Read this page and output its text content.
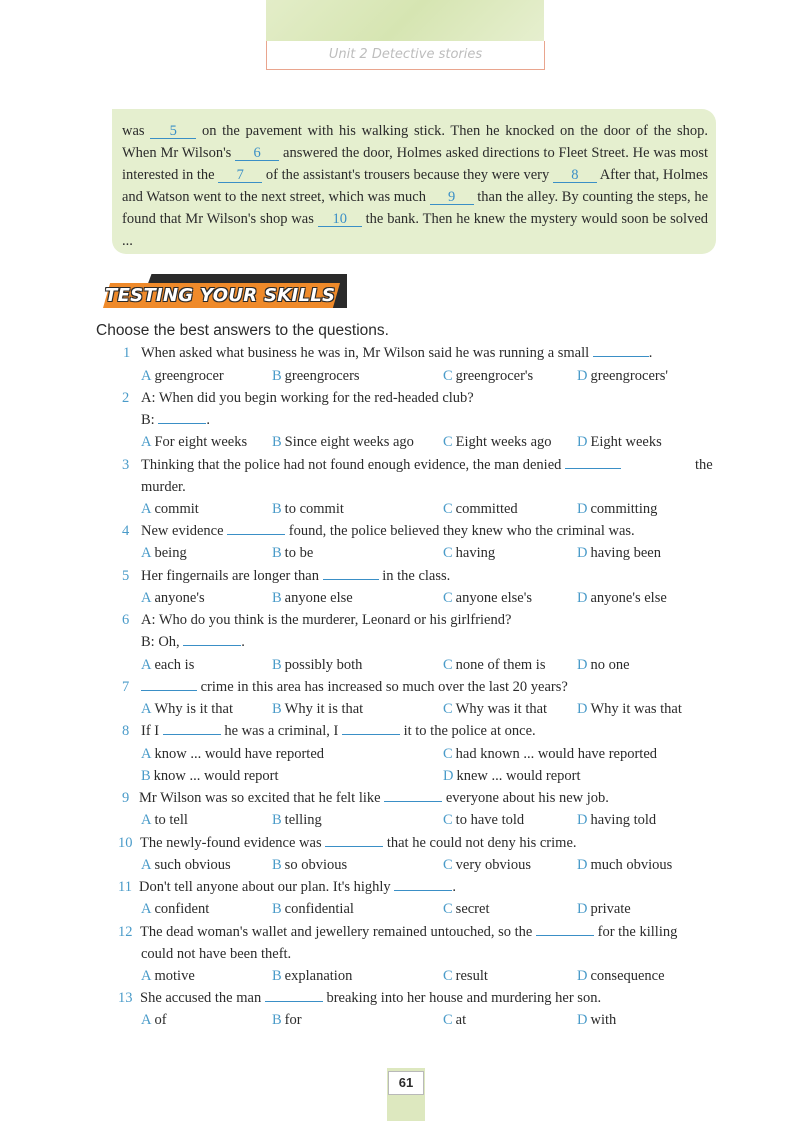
Unit 2 Detective stories
was 5 on the pavement with his walking stick. Then he knocked on the door of the shop. When Mr Wilson's 6 answered the door, Holmes asked directions to Fleet Street. He was most interested in the 7 of the assistant's trousers because they were very 8 After that, Holmes and Watson went to the next street, which was much 9 than the alley. By counting the steps, he found that Mr Wilson's shop was 10 the bank. Then he knew the mystery would soon be solved ...
TESTING YOUR SKILLS
Choose the best answers to the questions.
1 When asked what business he was in, Mr Wilson said he was running a small	.
A greengrocer	B greengrocers	C greengrocer's	D greengrocers'
2 A: When did you begin working for the red-headed club?
B:	.
A For eight weeks B Since eight weeks ago C Eight weeks ago D Eight weeks
3 Thinking that the police had not found enough evidence, the man denied	the
murder.
A commit	B to commit	C committed	D committing
4 New evidence	found, the police believed they knew who the criminal was.
A being	B to be	C having	D having been
5 Her fingernails are longer than	in the class.
A anyone's	B anyone else	C anyone else's	D anyone's else
6 A: Who do you think is the murderer, Leonard or his girlfriend?
B: Oh,	.
A each is	B possibly both	C none of them is D no one
7	crime in this area has increased so much over the last 20 years?
A Why is it that	B Why it is that	C Why was it that D Why it was that
8 If I	he was a criminal, I	it to the police at once.
A know ... would have reported	C had known ... would have reported
B know ... would report	D knew ... would report
9 Mr Wilson was so excited that he felt like	everyone about his new job.
A to tell	B telling	C to have told	D having told
10 The newly-found evidence was	that he could not deny his crime.
A such obvious	B so obvious	C very obvious	D much obvious
11 Don't tell anyone about our plan. It's highly	.
A confident	B confidential	C secret	D private
12 The dead woman's wallet and jewellery remained untouched, so the	for the killing
could not have been theft.
A motive	B explanation	C result	D consequence
13 She accused the man	breaking into her house and murdering her son.
A of	B for	C at	D with
61
